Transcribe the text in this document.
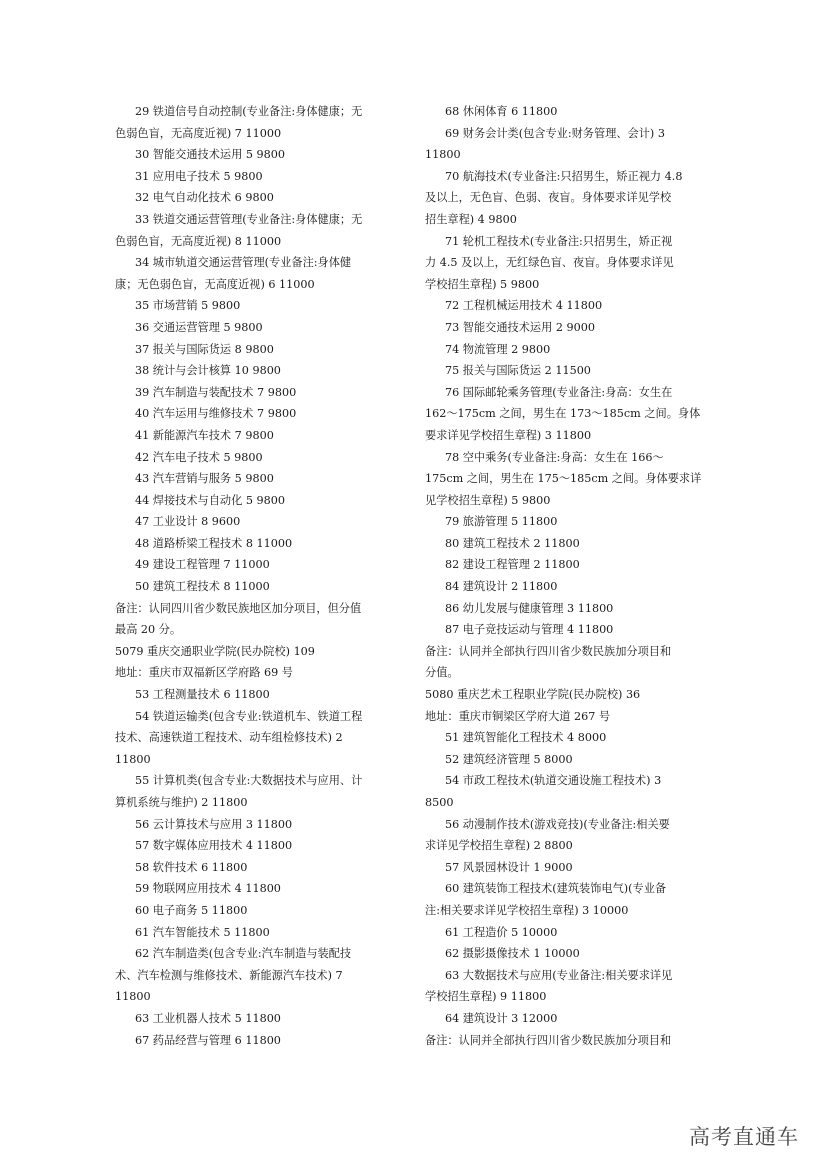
29 铁道信号自动控制(专业备注:身体健康；无
色弱色盲，无高度近视) 7 11000
30 智能交通技术运用 5 9800
31 应用电子技术 5 9800
32 电气自动化技术 6 9800
33 铁道交通运营管理(专业备注:身体健康；无
色弱色盲，无高度近视) 8 11000
34 城市轨道交通运营管理(专业备注:身体健
康；无色弱色盲，无高度近视) 6 11000
35 市场营销 5 9800
36 交通运营管理 5 9800
37 报关与国际货运 8 9800
38 统计与会计核算 10 9800
39 汽车制造与装配技术 7 9800
40 汽车运用与维修技术 7 9800
41 新能源汽车技术 7 9800
42 汽车电子技术 5 9800
43 汽车营销与服务 5 9800
44 焊接技术与自动化 5 9800
47 工业设计 8 9600
48 道路桥梁工程技术 8 11000
49 建设工程管理 7 11000
50 建筑工程技术 8 11000
备注：认同四川省少数民族地区加分项目，但分值
最高 20 分。
5079 重庆交通职业学院(民办院校) 109
地址：重庆市双福新区学府路 69 号
53 工程测量技术 6 11800
54 铁道运输类(包含专业:铁道机车、铁道工程
技术、高速铁道工程技术、动车组检修技术) 2
11800
55 计算机类(包含专业:大数据技术与应用、计
算机系统与维护) 2 11800
56 云计算技术与应用 3 11800
57 数字媒体应用技术 4 11800
58 软件技术 6 11800
59 物联网应用技术 4 11800
60 电子商务 5 11800
61 汽车智能技术 5 11800
62 汽车制造类(包含专业:汽车制造与装配技
术、汽车检测与维修技术、新能源汽车技术) 7
11800
63 工业机器人技术 5 11800
67 药品经营与管理 6 11800
68 休闲体育 6 11800
69 财务会计类(包含专业:财务管理、会计) 3
11800
70 航海技术(专业备注:只招男生，矫正视力 4.8
及以上，无色盲、色弱、夜盲。身体要求详见学校
招生章程) 4 9800
71 轮机工程技术(专业备注:只招男生，矫正视
力 4.5 及以上，无红绿色盲、夜盲。身体要求详见
学校招生章程) 5 9800
72 工程机械运用技术 4 11800
73 智能交通技术运用 2 9000
74 物流管理 2 9800
75 报关与国际货运 2 11500
76 国际邮轮乘务管理(专业备注:身高：女生在
162～175cm 之间，男生在 173～185cm 之间。身体
要求详见学校招生章程) 3 11800
78 空中乘务(专业备注:身高：女生在 166～
175cm 之间，男生在 175～185cm 之间。身体要求详
见学校招生章程) 5 9800
79 旅游管理 5 11800
80 建筑工程技术 2 11800
82 建设工程管理 2 11800
84 建筑设计 2 11800
86 幼儿发展与健康管理 3 11800
87 电子竞技运动与管理 4 11800
备注：认同并全部执行四川省少数民族加分项目和
分值。
5080 重庆艺术工程职业学院(民办院校) 36
地址：重庆市铜梁区学府大道 267 号
51 建筑智能化工程技术 4 8000
52 建筑经济管理 5 8000
54 市政工程技术(轨道交通设施工程技术) 3
8500
56 动漫制作技术(游戏竞技)(专业备注:相关要
求详见学校招生章程) 2 8800
57 风景园林设计 1 9000
60 建筑装饰工程技术(建筑装饰电气)(专业备
注:相关要求详见学校招生章程) 3 10000
61 工程造价 5 10000
62 摄影摄像技术 1 10000
63 大数据技术与应用(专业备注:相关要求详见
学校招生章程) 9 11800
64 建筑设计 3 12000
备注：认同并全部执行四川省少数民族加分项目和
高考直通车
